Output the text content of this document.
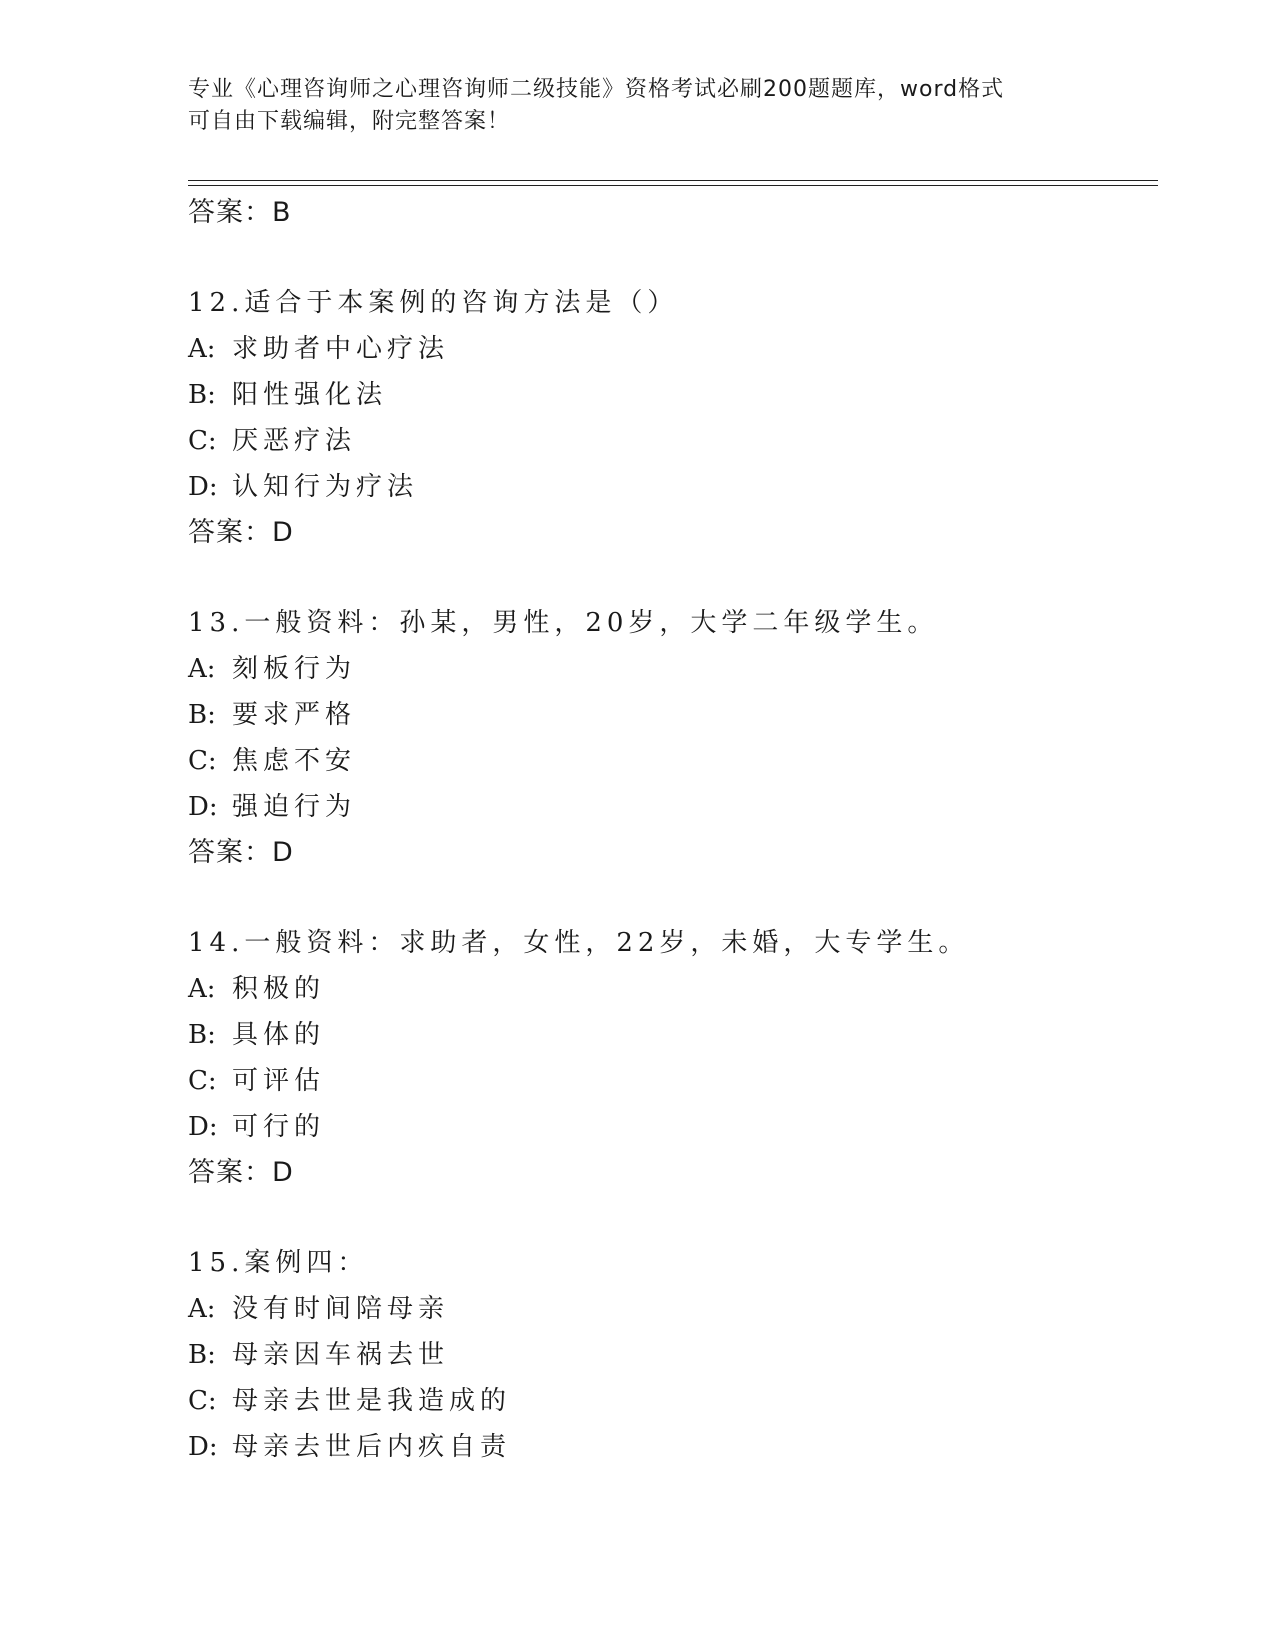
专业《心理咨询师之心理咨询师二级技能》资格考试必刷200题题库，word格式
可自由下载编辑，附完整答案！
答案：B
12.适合于本案例的咨询方法是（）
A: 求助者中心疗法
B: 阳性强化法
C: 厌恶疗法
D: 认知行为疗法
答案：D
13.一般资料：孙某，男性，20岁，大学二年级学生。
A: 刻板行为
B: 要求严格
C: 焦虑不安
D: 强迫行为
答案：D
14.一般资料：求助者，女性，22岁，未婚，大专学生。
A: 积极的
B: 具体的
C: 可评估
D: 可行的
答案：D
15.案例四：
A: 没有时间陪母亲
B: 母亲因车祸去世
C: 母亲去世是我造成的
D: 母亲去世后内疚自责
